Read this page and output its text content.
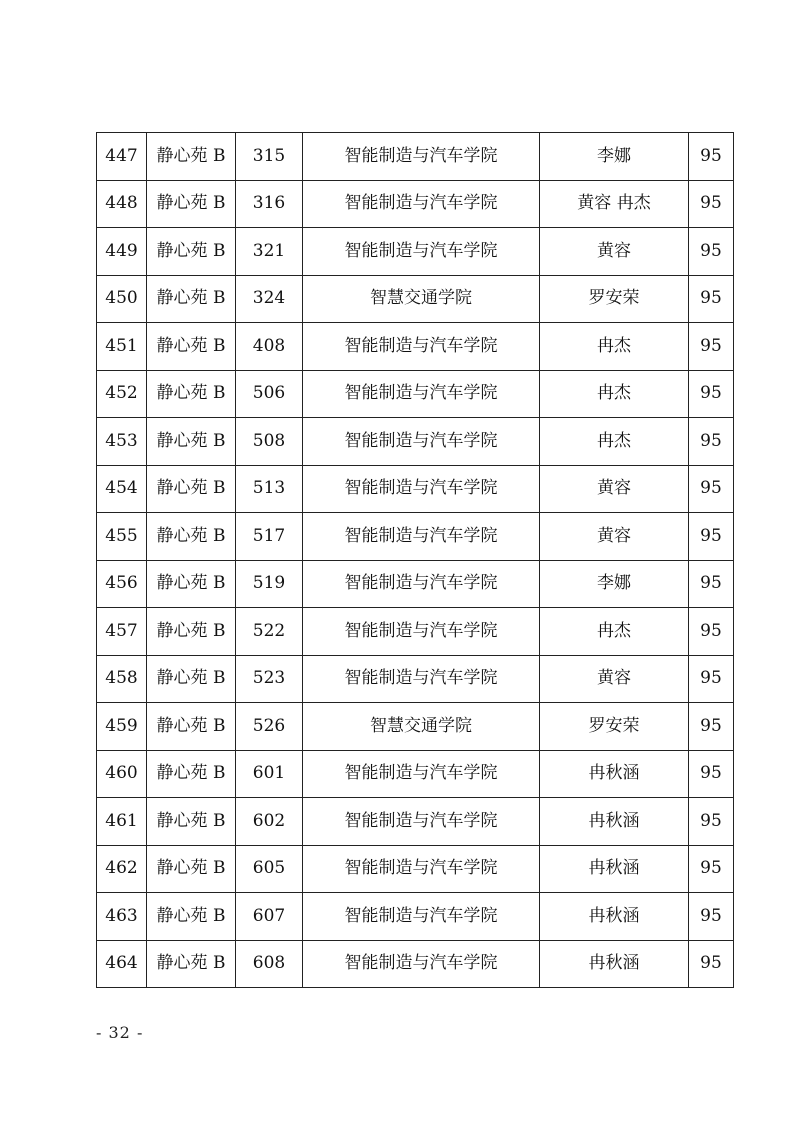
447	静心苑 B	315	智能制造与汽车学院	李娜	95
448	静心苑 B	316	智能制造与汽车学院	黄容 冉杰	95
449	静心苑 B	321	智能制造与汽车学院	黄容	95
450	静心苑 B	324	智慧交通学院	罗安荣	95
451	静心苑 B	408	智能制造与汽车学院	冉杰	95
452	静心苑 B	506	智能制造与汽车学院	冉杰	95
453	静心苑 B	508	智能制造与汽车学院	冉杰	95
454	静心苑 B	513	智能制造与汽车学院	黄容	95
455	静心苑 B	517	智能制造与汽车学院	黄容	95
456	静心苑 B	519	智能制造与汽车学院	李娜	95
457	静心苑 B	522	智能制造与汽车学院	冉杰	95
458	静心苑 B	523	智能制造与汽车学院	黄容	95
459	静心苑 B	526	智慧交通学院	罗安荣	95
460	静心苑 B	601	智能制造与汽车学院	冉秋涵	95
461	静心苑 B	602	智能制造与汽车学院	冉秋涵	95
462	静心苑 B	605	智能制造与汽车学院	冉秋涵	95
463	静心苑 B	607	智能制造与汽车学院	冉秋涵	95
464	静心苑 B	608	智能制造与汽车学院	冉秋涵	95
- 32 -
